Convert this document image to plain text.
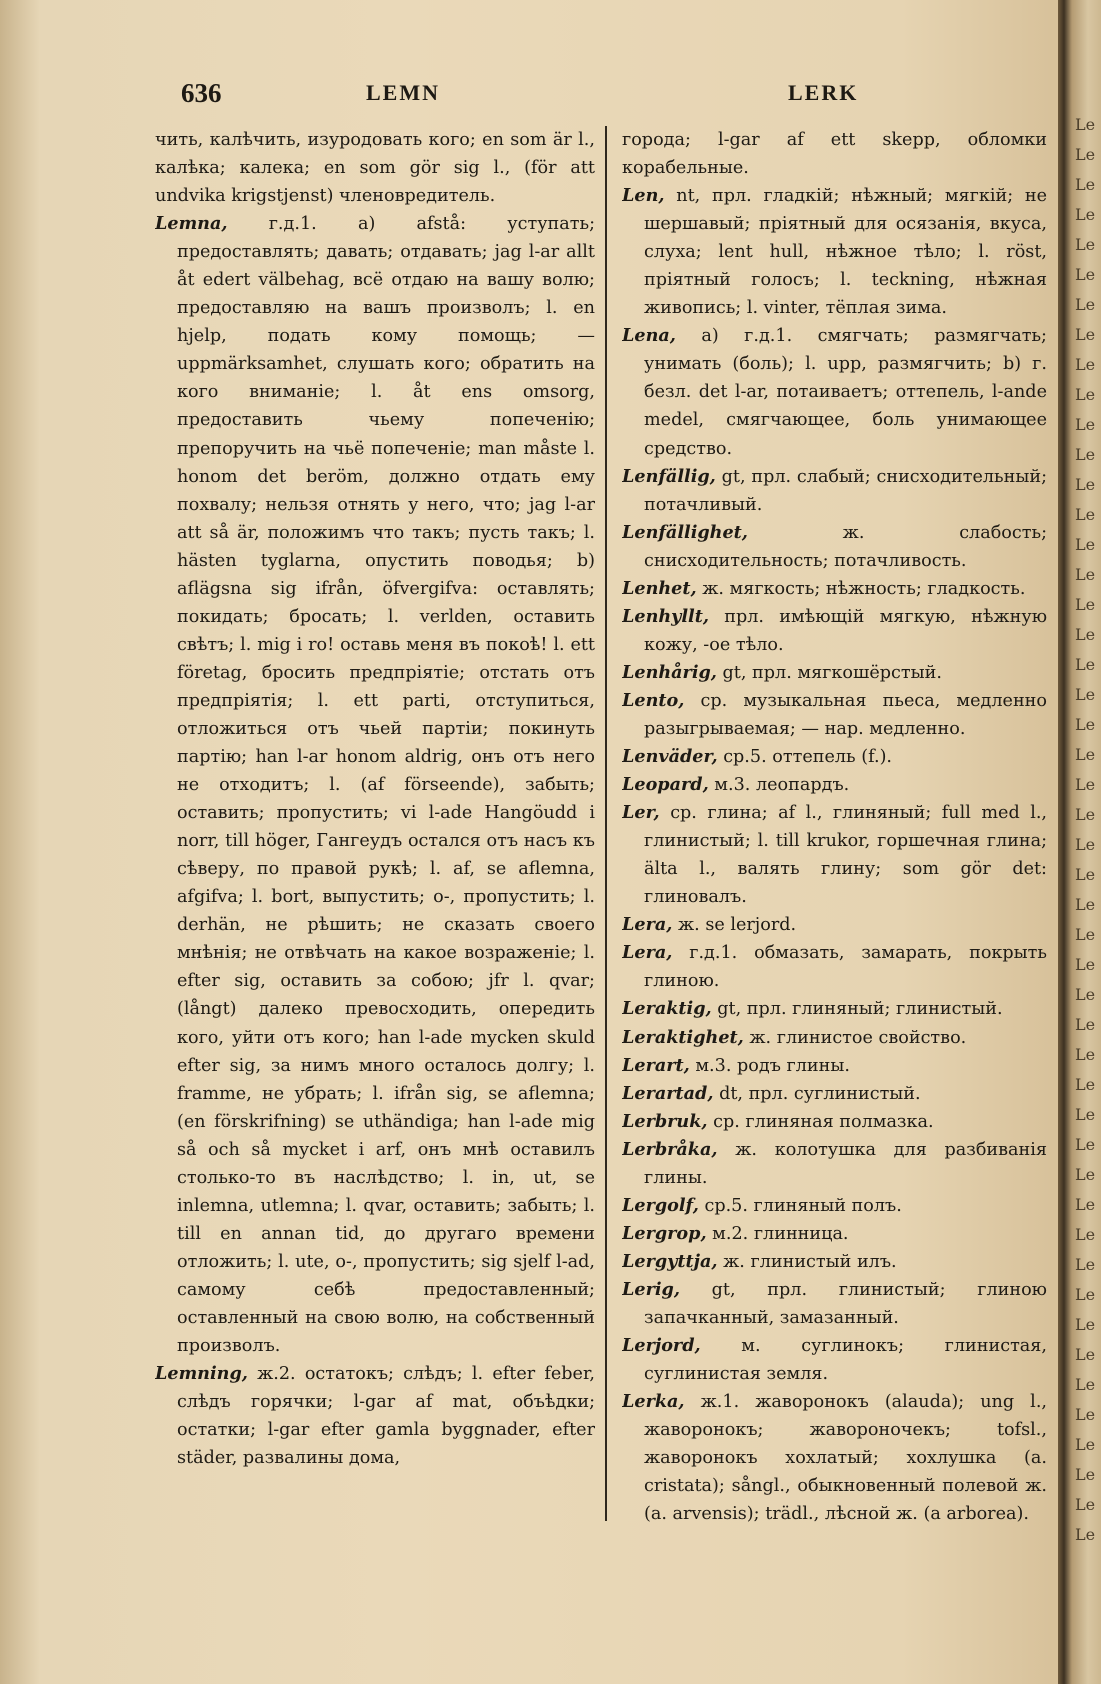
636	LEMN	LERK

чить, калѣчить, изуродовать кого; en som är l., калѣка; калека; en som gör sig l., (för att undvika krigstjenst) членовредитель.

Lemna, г.д.1. а) afstå: уступать; предоставлять; давать; отдавать; jag l-ar allt åt edert välbehag, всё отдаю на вашу волю; предоставляю на вашъ произволъ; l. en hjelp, подать кому помощь; — uppmärksamhet, слушать кого; обратить на кого вниманіе; l. åt ens omsorg, предоставить чьему попеченію; препоручить на чьё попеченіе; man måste l. honom det beröm, должно отдать ему похвалу; нельзя отнять у него, что; jag l-ar att så är, положимъ что такъ; пусть такъ; l. hästen tyglarna, опустить поводья; b) aflägsna sig ifrån, öfvergifva: оставлять; покидать; бросать; l. verlden, оставить свѣтъ; l. mig i ro! оставь меня въ покоѣ! l. ett företag, бросить предпріятіе; отстать отъ предпріятія; l. ett parti, отступиться, отложиться отъ чьей партіи; покинуть партію; han l-ar honom aldrig, онъ отъ него не отходитъ; l. (af förseende), забыть; оставить; пропустить; vi l-ade Hangöudd i norr, till höger, Гангеудъ остался отъ насъ къ сѣверу, по правой рукѣ; l. af, se aflemna, afgifva; l. bort, выпустить; о-, пропустить; l. derhän, не рѣшить; не сказать своего мнѣнія; не отвѣчать на какое возраженіе; l. efter sig, оставить за собою; jfr l. qvar; (långt) далеко превосходить, опередить кого, уйти отъ кого; han l-ade mycken skuld efter sig, за нимъ много осталось долгу; l. framme, не убрать; l. ifrån sig, se aflemna; (en förskrifning) se uthändiga; han l-ade mig så och så mycket i arf, онъ мнѣ оставилъ столько-то въ наслѣдство; l. in, ut, se inlemna, utlemna; l. qvar, оставить; забыть; l. till en annan tid, до другаго времени отложить; l. ute, о-, пропустить; sig sjelf l-ad, самому себѣ предоставленный; оставленный на свою волю, на собственный произволъ.

Lemning, ж.2. остатокъ; слѣдъ; l. efter feber, слѣдъ горячки; l-gar af mat, объѣдки; остатки; l-gar efter gamla byggnader, efter städer, развалины дома,

города; l-gar af ett skepp, обломки корабельные.

Len, nt, прл. гладкій; нѣжный; мягкій; не шершавый; пріятный для осязанія, вкуса, слуха; lent hull, нѣжное тѣло; l. röst, пріятный голосъ; l. teckning, нѣжная живопись; l. vinter, тёплая зима.

Lena, а) г.д.1. смягчать; размягчать; унимать (боль); l. upp, размягчить; b) г. безл. det l-ar, потаиваетъ; оттепель, l-ande medel, смягчающее, боль унимающее средство.

Lenfällig, gt, прл. слабый; снисходительный; потачливый.

Lenfällighet,	ж. слабость; снисходительность; потачливость.

Lenhet, ж. мягкость; нѣжность; гладкость.

Lenhyllt, прл. имѣющій мягкую, нѣжную кожу, -ое тѣло.

Lenhårig, gt, прл. мягкошёрстый.

Lento, ср. музыкальная пьеса, медленно разыгрываемая; — нар. медленно.

Lenväder, ср.5. оттепель (f.).

Leopard, м.3. леопардъ.

Ler, ср. глина; af l., глиняный; full med l., глинистый; l. till krukor, горшечная глина; älta l., валять глину; som gör det: глиновалъ.

Lera, ж. se lerjord.

Lera, г.д.1. обмазать, замарать, покрыть глиною.

Leraktig, gt, прл. глиняный; глинистый.

Leraktighet, ж. глинистое свойство.

Lerart, м.3. родъ глины.

Lerartad, dt, прл. суглинистый.

Lerbruk, ср. глиняная полмазка.

Lerbråka, ж. колотушка для разбиванія глины.

Lergolf, ср.5. глиняный полъ.

Lergrop, м.2. глинница.

Lergyttja, ж. глинистый илъ.

Lerig, gt, прл. глинистый; глиною запачканный, замазанный.

Lerjord, м. суглинокъ; глинистая, суглинистая земля.

Lerka, ж.1. жаворонокъ (alauda); ung l., жаворонокъ; жавороночекъ; tofsl., жаворонокъ хохлатый; хохлушка (a. cristata); sångl., обыкновенный полевой ж. (a. arvensis); trädl., лѣсной ж. (a arborea).

Le Le Le Le Le Le Le Le Le Le Le Le Le Le Le Le Le Le Le Le Le Le Le Le Le Le Le Le Le Le Le Le Le Le Le Le Le Le Le Le Le Le Le Le Le Le Le Le
